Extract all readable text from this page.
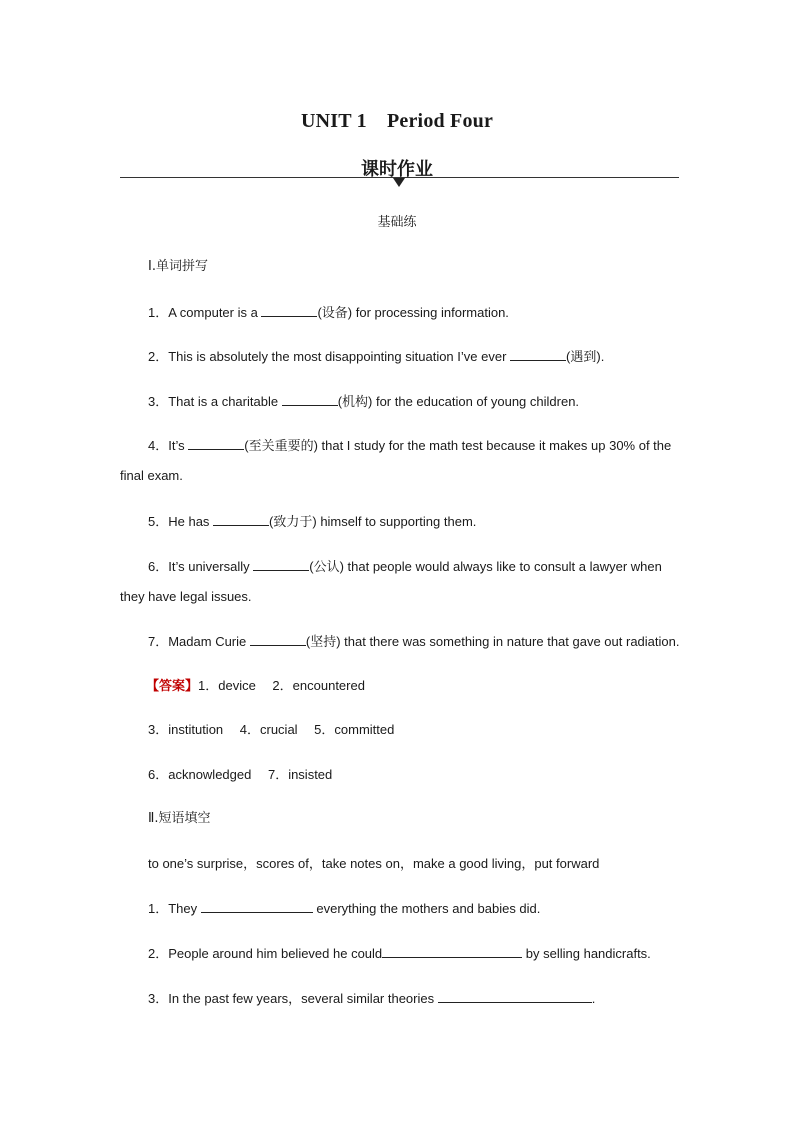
UNIT 1　Period Four
课时作业
基础练
Ⅰ.单词拼写
1．A computer is a	(设备) for processing information.
2．This is absolutely the most disappointing situation I’ve ever	(遇到).
3．That is a charitable	(机构) for the education of young children.
4．It’s	(至关重要的) that I study for the math test because it makes up 30% of the
final exam.
5．He has	(致力于) himself to supporting them.
6．It’s universally	(公认) that people would always like to consult a lawyer when
they have legal issues.
7．Madam Curie	(坚持) that there was something in nature that gave out radiation.
【答案】1．device　 2．encountered
3．institution　 4．crucial　 5．committed
6．acknowledged　 7．insisted
Ⅱ.短语填空
to one’s surprise，scores of，take notes on，make a good living，put forward
1．They	everything the mothers and babies did.
2．People around him believed he could	by selling handicrafts.
3．In the past few years，several similar theories	.
